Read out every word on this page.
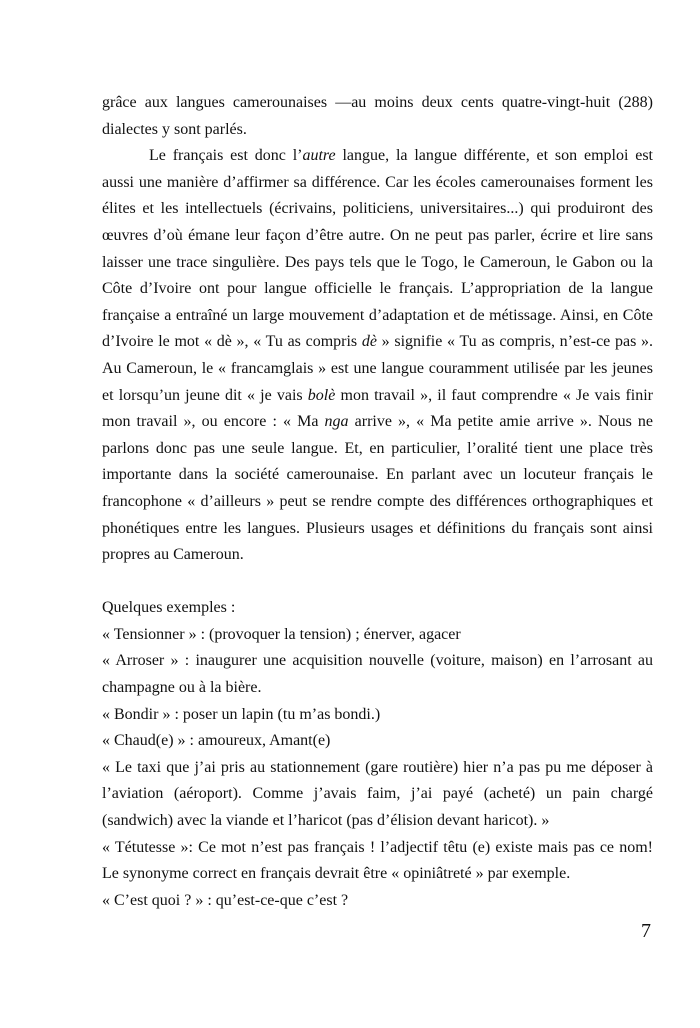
grâce aux langues camerounaises —au moins deux cents quatre-vingt-huit (288) dialectes y sont parlés.

Le français est donc l’autre langue, la langue différente, et son emploi est aussi une manière d’affirmer sa différence. Car les écoles camerounaises forment les élites et les intellectuels (écrivains, politiciens, universitaires...) qui produiront des œuvres d’où émane leur façon d’être autre. On ne peut pas parler, écrire et lire sans laisser une trace singulière. Des pays tels que le Togo, le Cameroun, le Gabon ou la Côte d’Ivoire ont pour langue officielle le français. L’appropriation de la langue française a entraîné un large mouvement d’adaptation et de métissage. Ainsi, en Côte d’Ivoire le mot « dè », « Tu as compris dè » signifie « Tu as compris, n’est-ce pas ». Au Cameroun, le « francamglais » est une langue couramment utilisée par les jeunes et lorsqu’un jeune dit « je vais bolè mon travail », il faut comprendre « Je vais finir mon travail », ou encore : « Ma nga arrive », « Ma petite amie arrive ». Nous ne parlons donc pas une seule langue. Et, en particulier, l’oralité tient une place très importante dans la société camerounaise. En parlant avec un locuteur français le francophone « d’ailleurs » peut se rendre compte des différences orthographiques et phonétiques entre les langues. Plusieurs usages et définitions du français sont ainsi propres au Cameroun.

Quelques exemples :

« Tensionner » : (provoquer la tension) ; énerver, agacer

« Arroser » : inaugurer une acquisition nouvelle (voiture, maison) en l’arrosant au champagne ou à la bière.

« Bondir » : poser un lapin (tu m’as bondi.)

« Chaud(e) » : amoureux, Amant(e)

« Le taxi que j’ai pris au stationnement (gare routière) hier n’a pas pu me déposer à l’aviation (aéroport). Comme j’avais faim, j’ai payé (acheté) un pain chargé (sandwich) avec la viande et l’haricot (pas d’élision devant haricot). »

« Tétutesse »: Ce mot n’est pas français ! l’adjectif têtu (e) existe mais pas ce nom! Le synonyme correct en français devrait être « opiniâtreté » par exemple.

« C’est quoi ? » : qu’est-ce-que c’est ?

7
